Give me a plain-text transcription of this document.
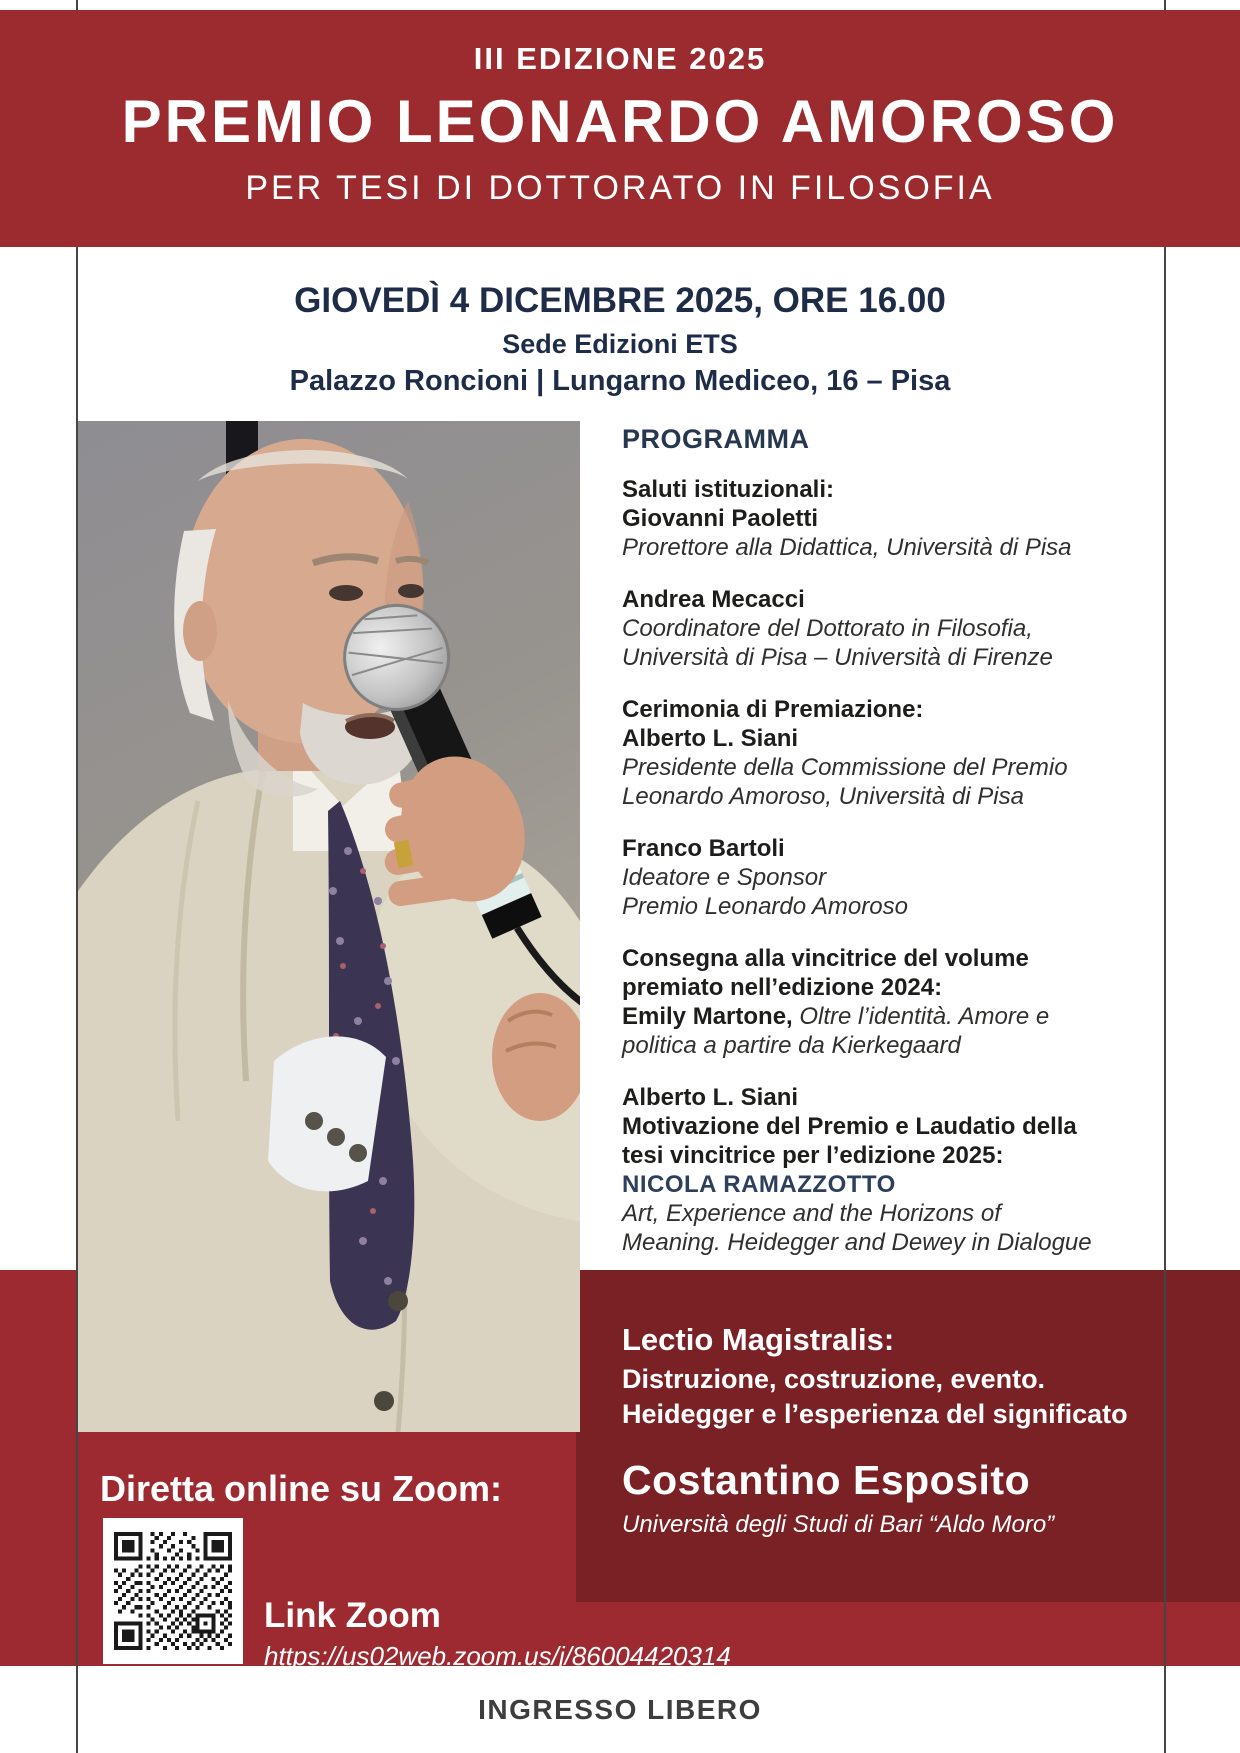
III EDIZIONE 2025
PREMIO LEONARDO AMOROSO
PER TESI DI DOTTORATO IN FILOSOFIA
GIOVEDÌ 4 DICEMBRE 2025, ORE 16.00
Sede Edizioni ETS
Palazzo Roncioni | Lungarno Mediceo, 16 – Pisa
PROGRAMMA
Saluti istituzionali:
Giovanni Paoletti
Prorettore alla Didattica, Università di Pisa
Andrea Mecacci
Coordinatore del Dottorato in Filosofia,
Università di Pisa – Università di Firenze
Cerimonia di Premiazione:
Alberto L. Siani
Presidente della Commissione del Premio
Leonardo Amoroso, Università di Pisa
Franco Bartoli
Ideatore e Sponsor
Premio Leonardo Amoroso
Consegna alla vincitrice del volume
premiato nell’edizione 2024:
Emily Martone, Oltre l’identità. Amore e
politica a partire da Kierkegaard
Alberto L. Siani
Motivazione del Premio e Laudatio della
tesi vincitrice per l’edizione 2025:
NICOLA RAMAZZOTTO
Art, Experience and the Horizons of
Meaning. Heidegger and Dewey in Dialogue
Lectio Magistralis:
Distruzione, costruzione, evento. Heidegger e l’esperienza del significato
Costantino Esposito
Università degli Studi di Bari “Aldo Moro”
Diretta online su Zoom:
Link Zoom
https://us02web.zoom.us/j/86004420314
INGRESSO LIBERO
